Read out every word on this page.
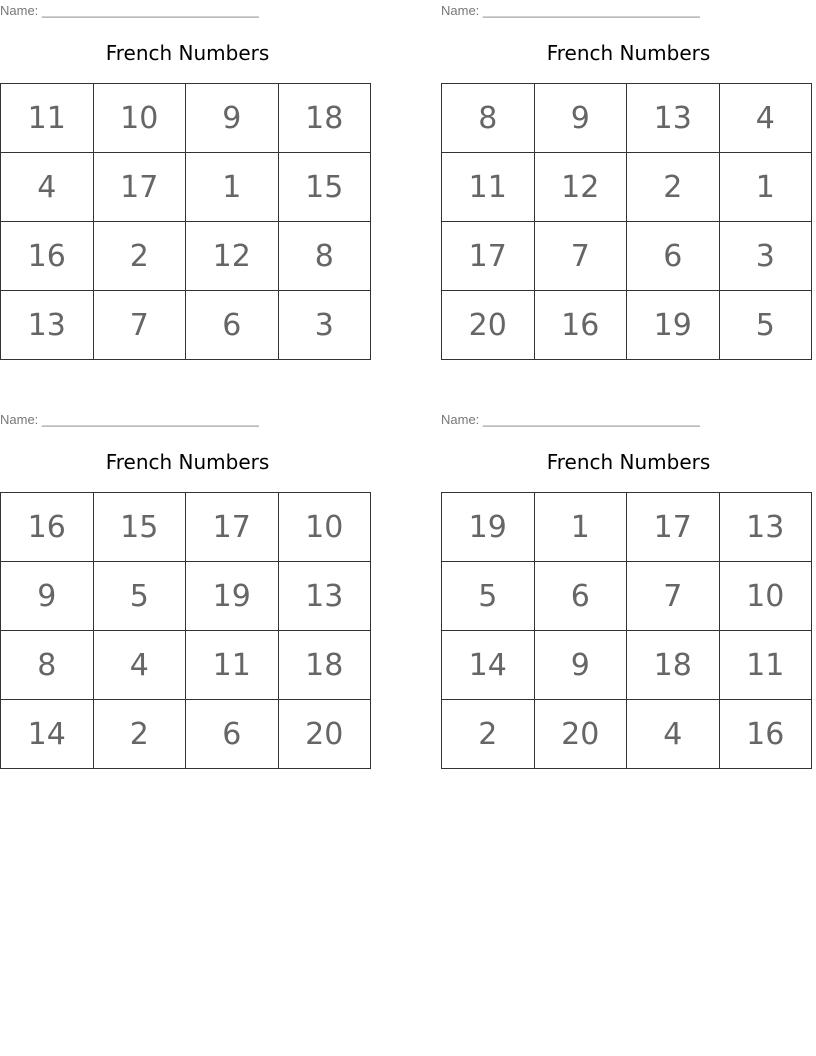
Name: ______________________________
French Numbers
11	10	9	18
4	17	1	15
16	2	12	8
13	7	6	3
Name: ______________________________
French Numbers
8	9	13	4
11	12	2	1
17	7	6	3
20	16	19	5
Name: ______________________________
French Numbers
16	15	17	10
9	5	19	13
8	4	11	18
14	2	6	20
Name: ______________________________
French Numbers
19	1	17	13
5	6	7	10
14	9	18	11
2	20	4	16
